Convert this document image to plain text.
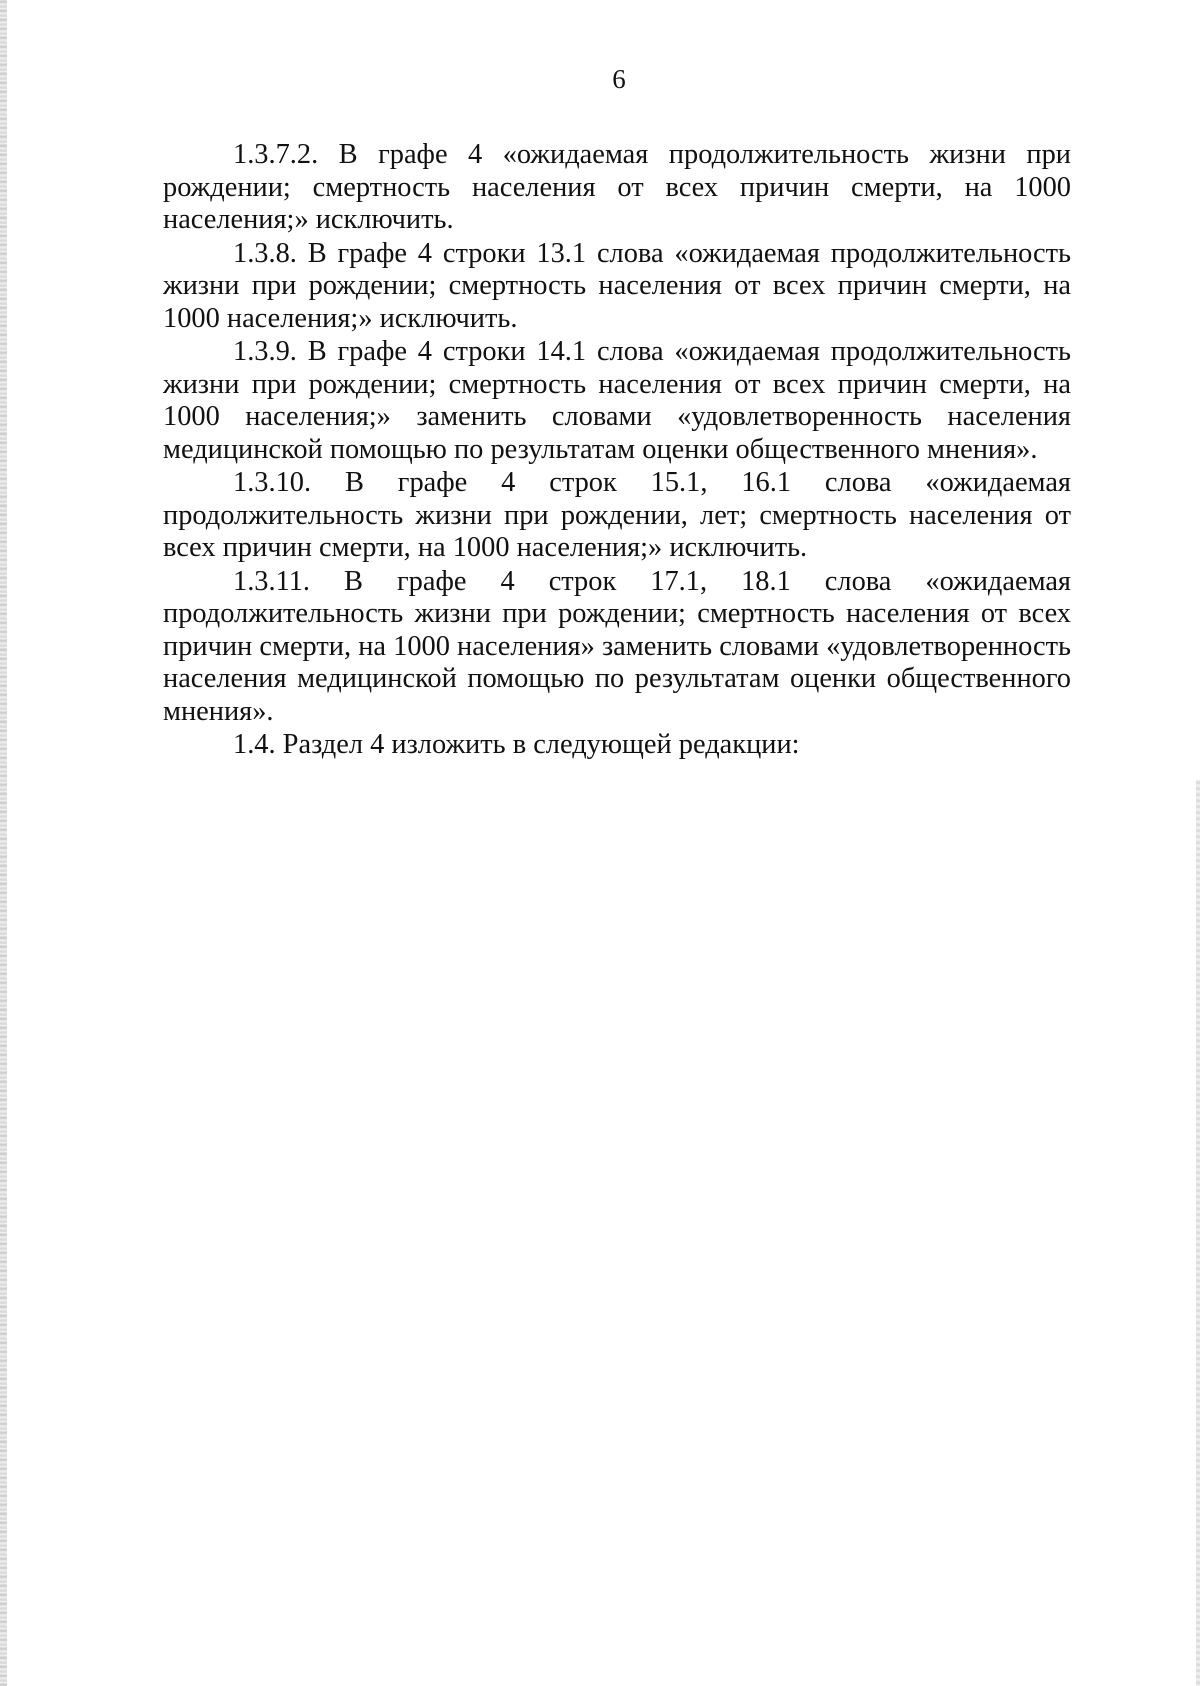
6

1.3.7.2. В графе 4 «ожидаемая продолжительность жизни при рождении; смертность населения от всех причин смерти, на 1000 населения;» исключить.

1.3.8. В графе 4 строки 13.1 слова «ожидаемая продолжительность жизни при рождении; смертность населения от всех причин смерти, на 1000 населения;» исключить.

1.3.9. В графе 4 строки 14.1 слова «ожидаемая продолжительность жизни при рождении; смертность населения от всех причин смерти, на 1000 населения;» заменить словами «удовлетворенность населения медицинской помощью по результатам оценки общественного мнения».

1.3.10. В графе 4 строк 15.1, 16.1 слова «ожидаемая продолжительность жизни при рождении, лет; смертность населения от всех причин смерти, на 1000 населения;» исключить.

1.3.11. В графе 4 строк 17.1, 18.1 слова «ожидаемая продолжительность жизни при рождении; смертность населения от всех причин смерти, на 1000 населения» заменить словами «удовлетворенность населения медицинской помощью по результатам оценки общественного мнения».

1.4. Раздел 4 изложить в следующей редакции:
